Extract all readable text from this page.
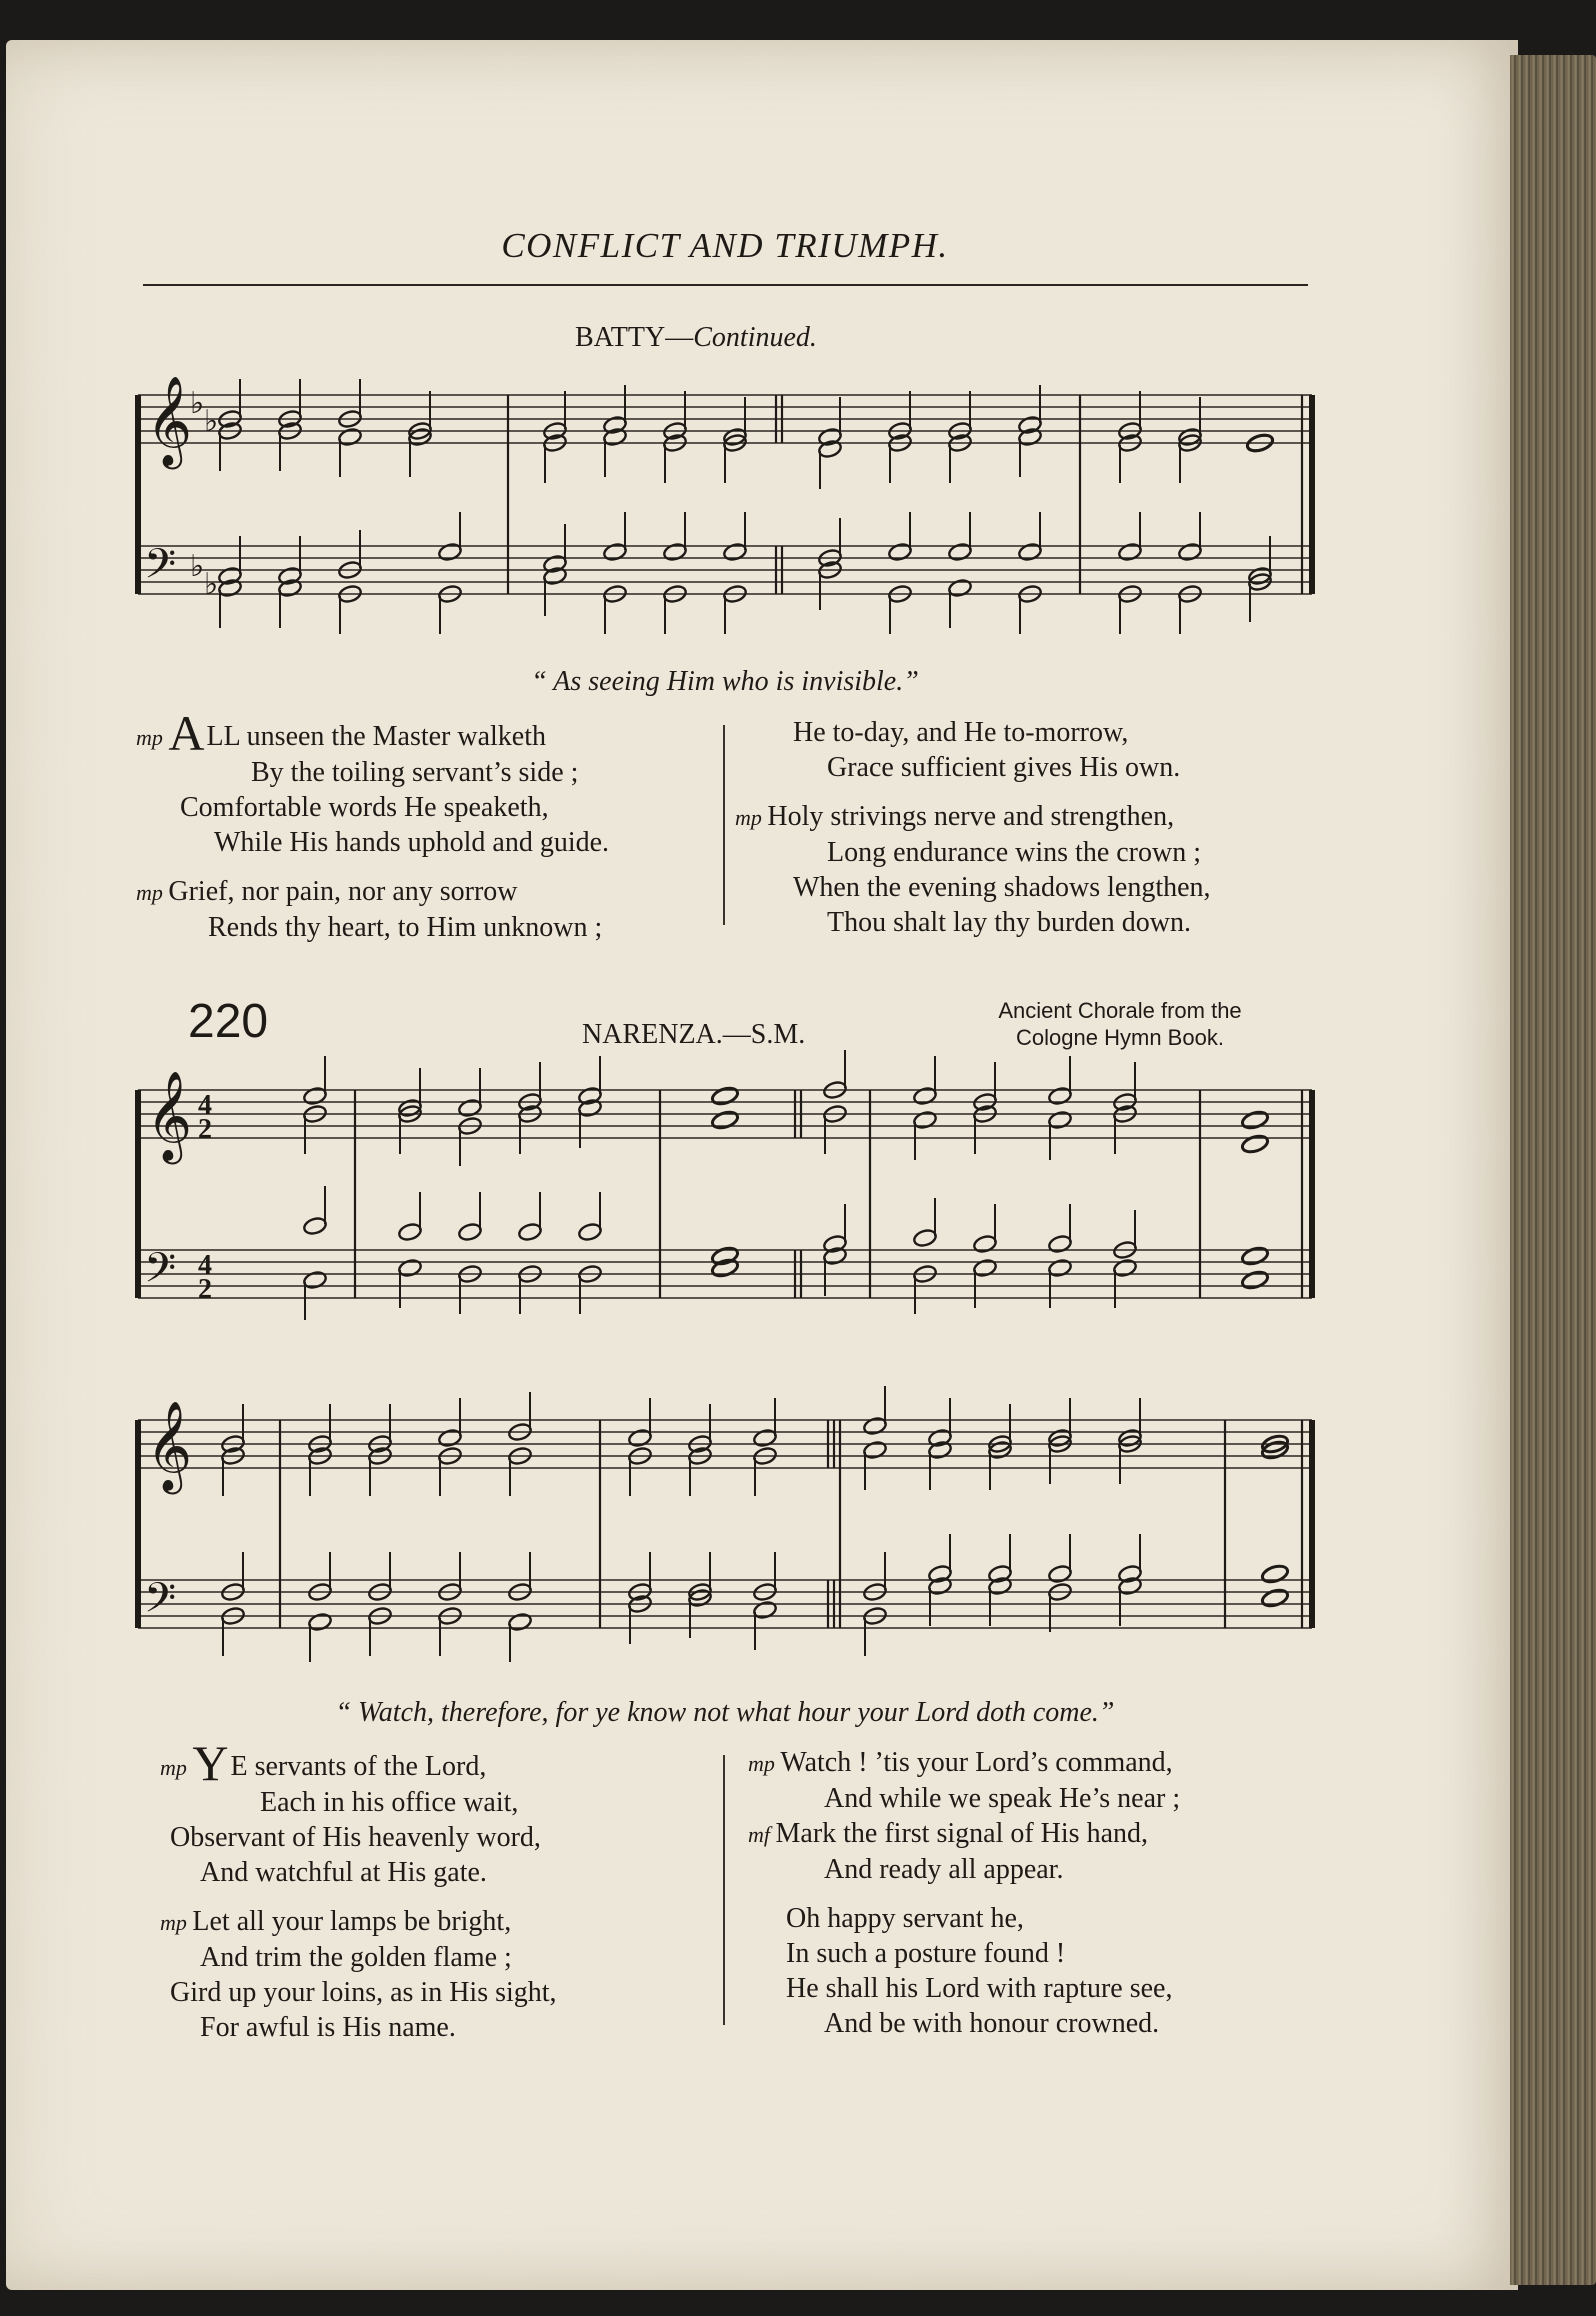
CONFLICT AND TRIUMPH.
BATTY—Continued.
𝄞
𝄢
♭
♭
♭
♭
𝄞
𝄢
4
2
4
2
𝄞
𝄢
“ As seeing Him who is invisible.”
mp ALL unseen the Master walketh
By the toiling servant’s side ;
Comfortable words He speaketh,
While His hands uphold and guide.
mp Grief, nor pain, nor any sorrow
Rends thy heart, to Him unknown ;
He to-day, and He to-morrow,
Grace sufficient gives His own.
mp Holy strivings nerve and strengthen,
Long endurance wins the crown ;
When the evening shadows lengthen,
Thou shalt lay thy burden down.
220	NARENZA.—S.M.
Ancient Chorale from the
Cologne Hymn Book.
“ Watch, therefore, for ye know not what hour your Lord doth come.”
mp YE servants of the Lord,
Each in his office wait,
Observant of His heavenly word,
And watchful at His gate.
mp Let all your lamps be bright,
And trim the golden flame ;
Gird up your loins, as in His sight,
For awful is His name.
mp Watch ! ’tis your Lord’s command,
And while we speak He’s near ;
mf Mark the first signal of His hand,
And ready all appear.
Oh happy servant he,
In such a posture found !
He shall his Lord with rapture see,
And be with honour crowned.
